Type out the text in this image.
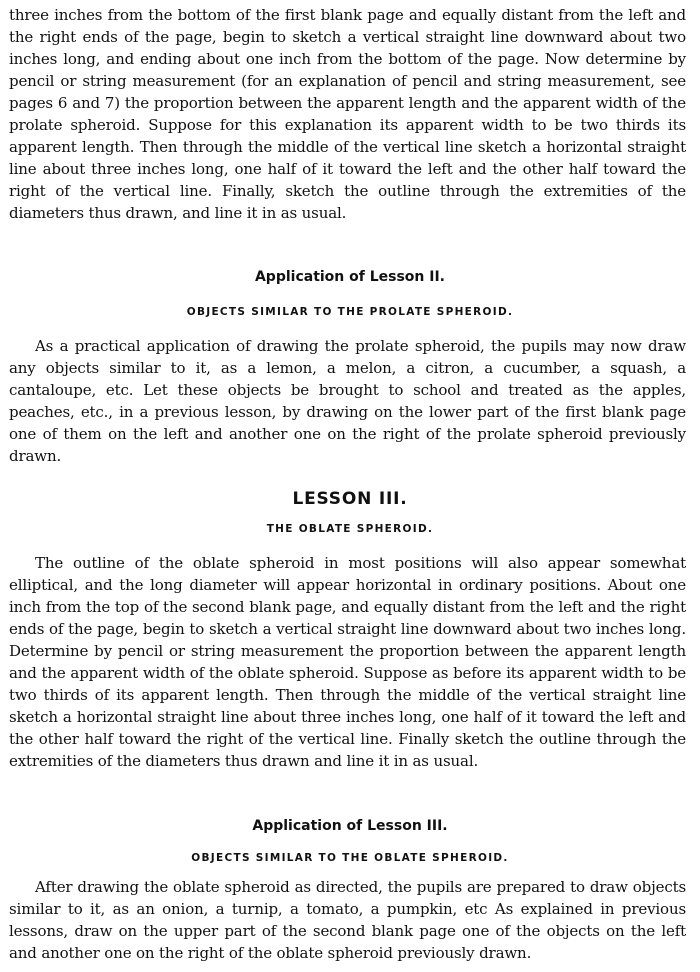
three inches from the bottom of the first blank page and equally distant from the left and the right ends of the page, begin to sketch a vertical straight line downward about two inches long, and ending about one inch from the bottom of the page. Now determine by pencil or string measurement (for an explanation of pencil and string measurement, see pages 6 and 7) the proportion between the apparent length and the apparent width of the prolate spheroid. Suppose for this explanation its apparent width to be two thirds its apparent length. Then through the middle of the vertical line sketch a horizontal straight line about three inches long, one half of it toward the left and the other half toward the right of the vertical line. Finally, sketch the outline through the extremities of the diameters thus drawn, and line it in as usual.

Application of Lesson II.
OBJECTS SIMILAR TO THE PROLATE SPHEROID.

As a practical application of drawing the prolate spheroid, the pupils may now draw any objects similar to it, as a lemon, a melon, a citron, a cucumber, a squash, a cantaloupe, etc. Let these objects be brought to school and treated as the apples, peaches, etc., in a previous lesson, by drawing on the lower part of the first blank page one of them on the left and another one on the right of the prolate spheroid previously drawn.

LESSON III.
THE OBLATE SPHEROID.

The outline of the oblate spheroid in most positions will also appear somewhat elliptical, and the long diameter will appear horizontal in ordinary positions. About one inch from the top of the second blank page, and equally distant from the left and the right ends of the page, begin to sketch a vertical straight line downward about two inches long. Determine by pencil or string measurement the proportion between the apparent length and the apparent width of the oblate spheroid. Suppose as before its apparent width to be two thirds of its apparent length. Then through the middle of the vertical straight line sketch a horizontal straight line about three inches long, one half of it toward the left and the other half toward the right of the vertical line. Finally sketch the outline through the extremities of the diameters thus drawn and line it in as usual.

Application of Lesson III.
OBJECTS SIMILAR TO THE OBLATE SPHEROID.

After drawing the oblate spheroid as directed, the pupils are prepared to draw objects similar to it, as an onion, a turnip, a tomato, a pumpkin, etc As explained in previous lessons, draw on the upper part of the second blank page one of the objects on the left and another one on the right of the oblate spheroid previously drawn.
